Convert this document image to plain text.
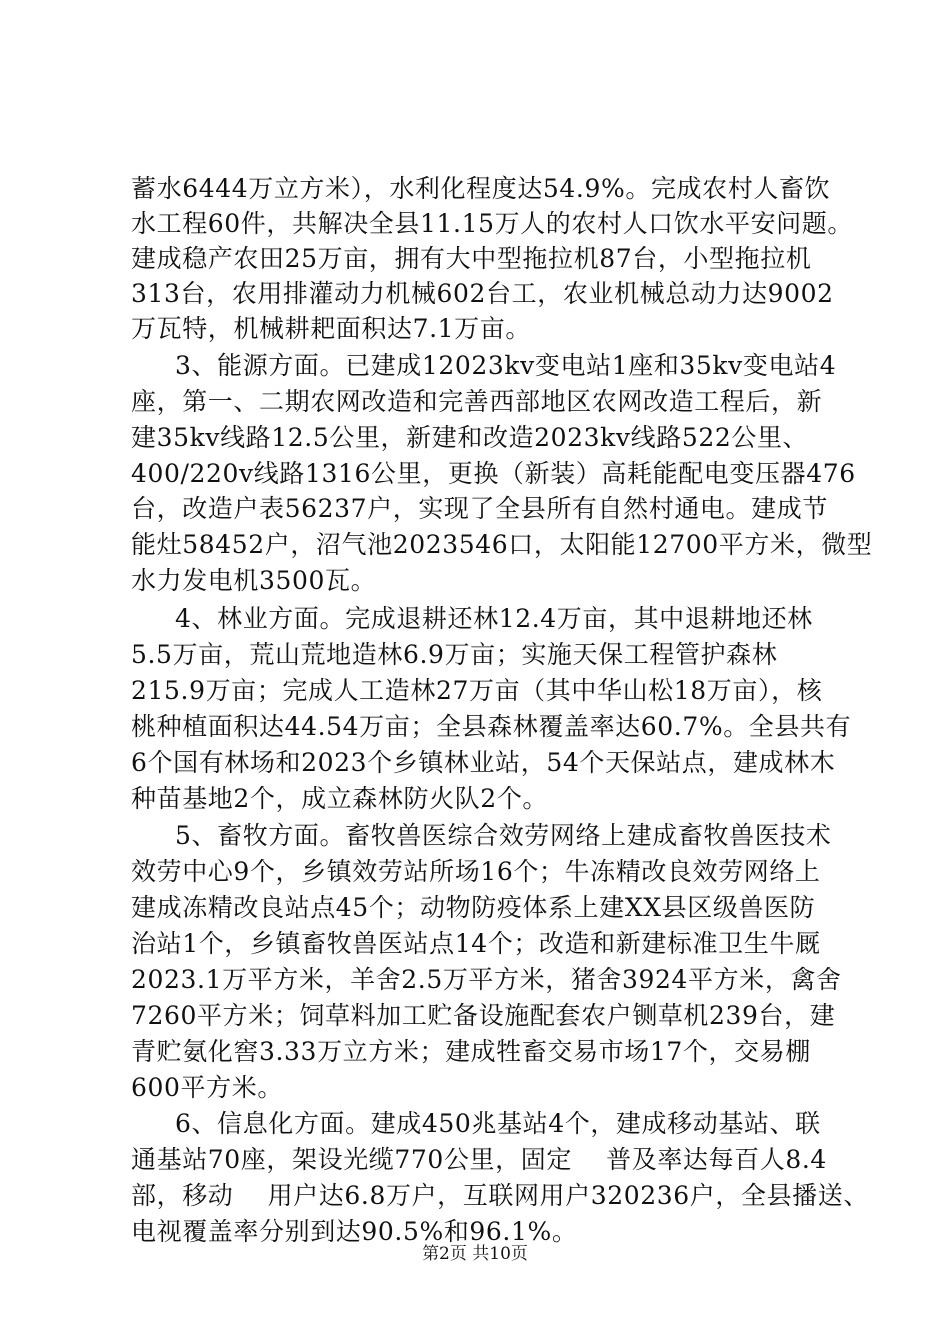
蓄水6444万立方米），水利化程度达54.9%。完成农村人畜饮

水工程60件，共解决全县11.15万人的农村人口饮水平安问题。

建成稳产农田25万亩，拥有大中型拖拉机87台，小型拖拉机

313台，农用排灌动力机械602台工，农业机械总动力达9002

万瓦特，机械耕耙面积达7.1万亩。

3、能源方面。已建成12023kv变电站1座和35kv变电站4

座，第一、二期农网改造和完善西部地区农网改造工程后，新

建35kv线路12.5公里，新建和改造2023kv线路522公里、

400/220v线路1316公里，更换（新装）高耗能配电变压器476

台，改造户表56237户，实现了全县所有自然村通电。建成节

能灶58452户，沼气池2023546口，太阳能12700平方米，微型

水力发电机3500瓦。

4、林业方面。完成退耕还林12.4万亩，其中退耕地还林

5.5万亩，荒山荒地造林6.9万亩；实施天保工程管护森林

215.9万亩；完成人工造林27万亩（其中华山松18万亩），核

桃种植面积达44.54万亩；全县森林覆盖率达60.7%。全县共有

6个国有林场和2023个乡镇林业站，54个天保站点，建成林木

种苗基地2个，成立森林防火队2个。

5、畜牧方面。畜牧兽医综合效劳网络上建成畜牧兽医技术

效劳中心9个，乡镇效劳站所场16个；牛冻精改良效劳网络上

建成冻精改良站点45个；动物防疫体系上建XX县区级兽医防

治站1个，乡镇畜牧兽医站点14个；改造和新建标准卫生牛厩

2023.1万平方米，羊舍2.5万平方米，猪舍3924平方米，禽舍

7260平方米；饲草料加工贮备设施配套农户铡草机239台，建

青贮氨化窖3.33万立方米；建成牲畜交易市场17个，交易棚

600平方米。

6、信息化方面。建成450兆基站4个，建成移动基站、联

通基站70座，架设光缆770公里，固定    普及率达每百人8.4

部，移动    用户达6.8万户，互联网用户320236户，全县播送、

电视覆盖率分别到达90.5%和96.1%。

第2页 共10页
